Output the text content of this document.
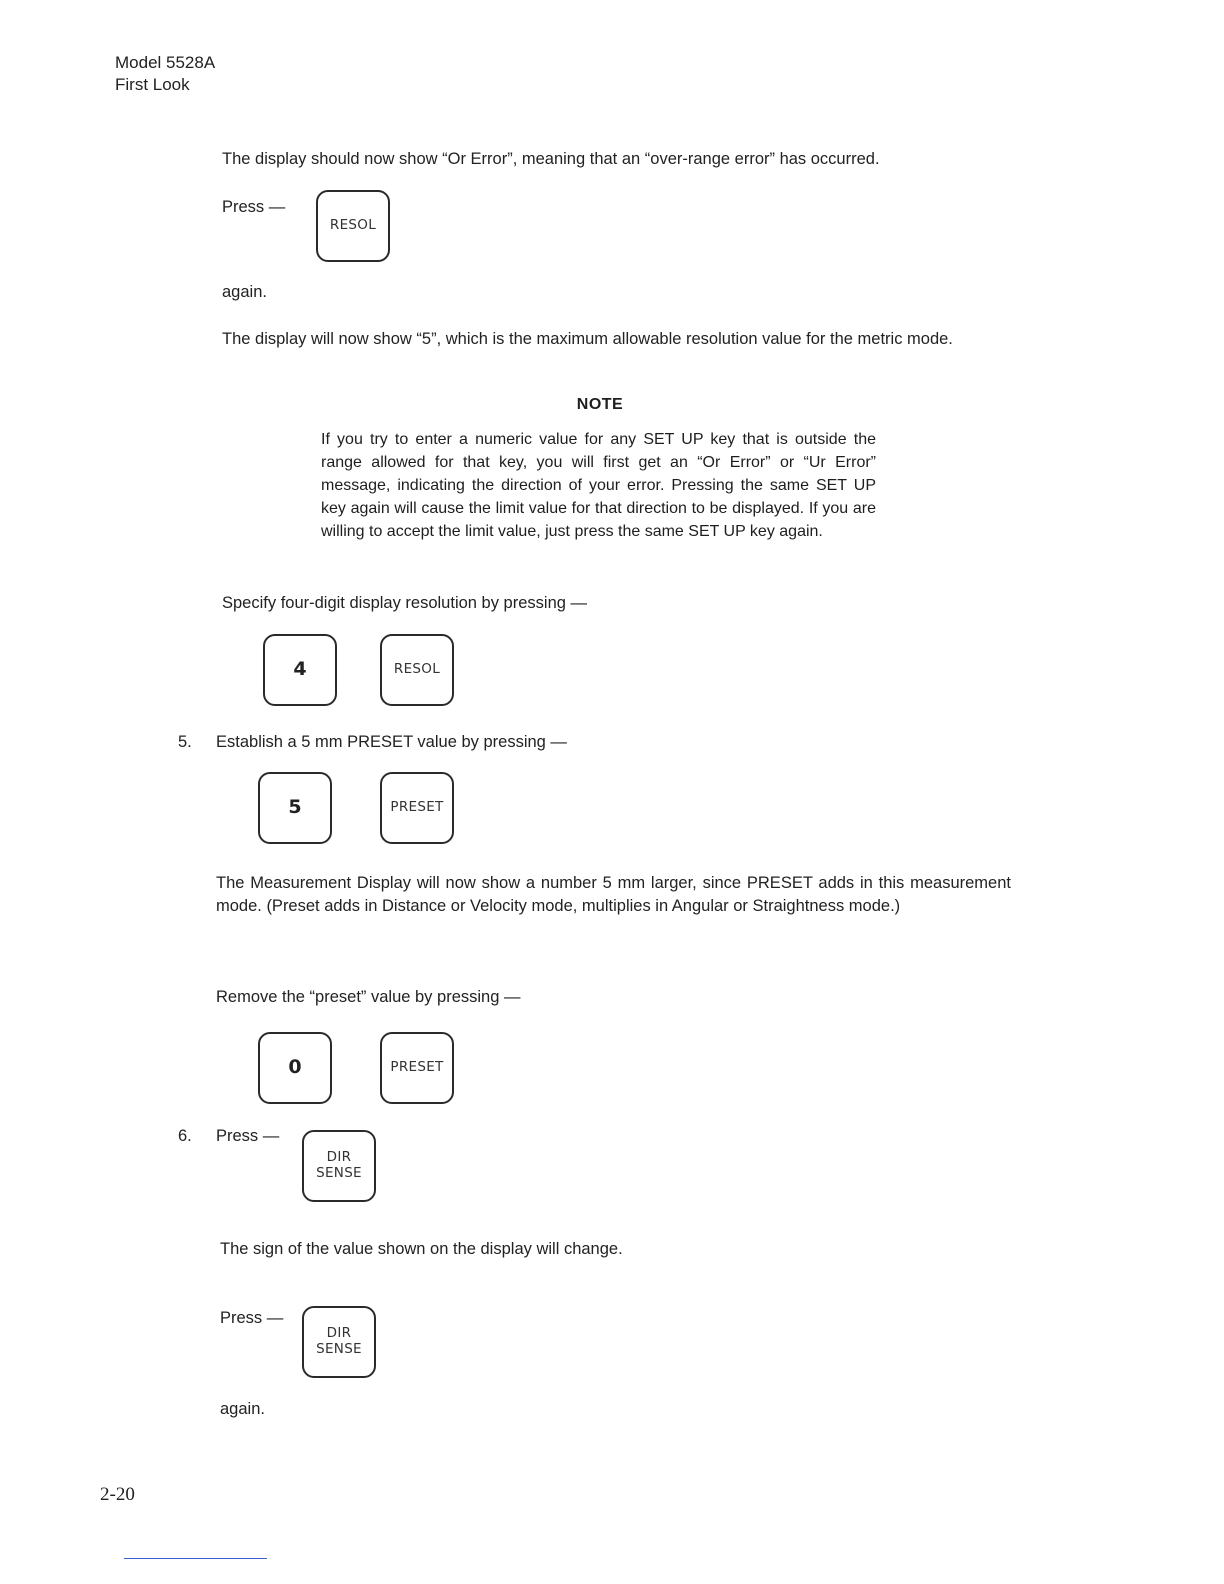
Model 5528A
First Look
The display should now show “Or Error”, meaning that an “over-range error” has occurred.
Press —
RESOL
again.
The display will now show “5”, which is the maximum allowable resolution value for the metric mode.
NOTE
If you try to enter a numeric value for any SET UP key that is outside the range allowed for that key, you will first get an “Or Error” or “Ur Error” message, indicating the direction of your error. Pressing the same SET UP key again will cause the limit value for that direction to be displayed. If you are willing to accept the limit value, just press the same SET UP key again.
Specify four-digit display resolution by pressing —
4	RESOL
5. Establish a 5 mm PRESET value by pressing —
5	PRESET
The Measurement Display will now show a number 5 mm larger, since PRESET adds in this measurement mode. (Preset adds in Distance or Velocity mode, multiplies in Angular or Straightness mode.)
Remove the “preset” value by pressing —
0	PRESET
6. Press —
DIR
SENSE
The sign of the value shown on the display will change.
Press —
DIR
SENSE
again.
2-20
